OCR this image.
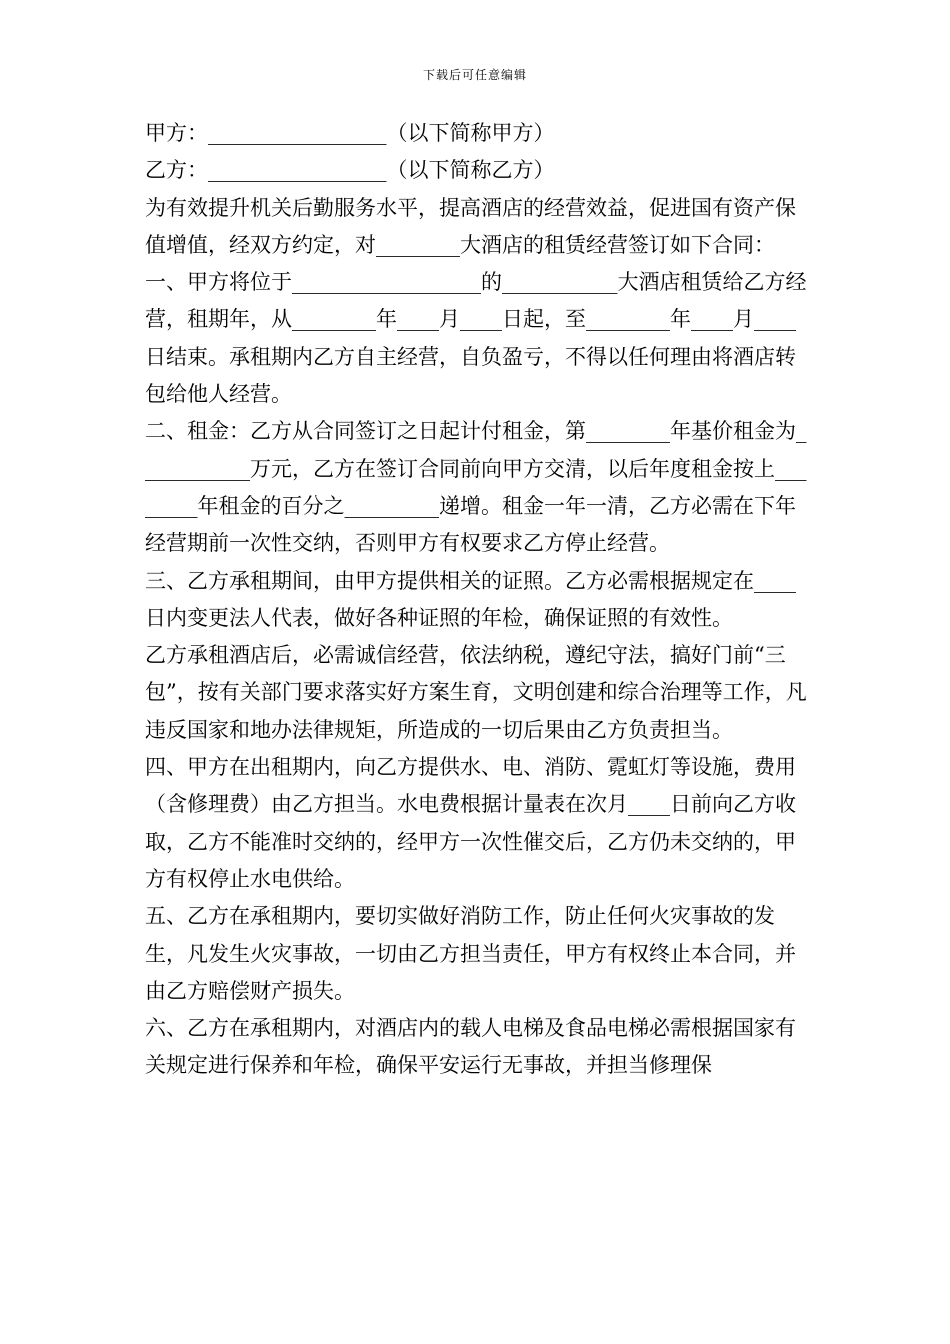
下载后可任意编辑

甲方：_________________（以下简称甲方）

乙方：_________________（以下简称乙方）

为有效提升机关后勤服务水平，提高酒店的经营效益，促进国有资产保值增值，经双方约定，对________大酒店的租赁经营签订如下合同：

一、甲方将位于__________________的___________大酒店租赁给乙方经营，租期年，从________年____月____日起，至________年____月____日结束。承租期内乙方自主经营，自负盈亏，不得以任何理由将酒店转包给他人经营。

二、租金：乙方从合同签订之日起计付租金，第________年基价租金为___________万元，乙方在签订合同前向甲方交清，以后年度租金按上________年租金的百分之_________递增。租金一年一清，乙方必需在下年经营期前一次性交纳，否则甲方有权要求乙方停止经营。

三、乙方承租期间，由甲方提供相关的证照。乙方必需根据规定在____日内变更法人代表，做好各种证照的年检，确保证照的有效性。

乙方承租酒店后，必需诚信经营，依法纳税，遵纪守法，搞好门前“三包”，按有关部门要求落实好方案生育，文明创建和综合治理等工作，凡违反国家和地办法律规矩，所造成的一切后果由乙方负责担当。

四、甲方在出租期内，向乙方提供水、电、消防、霓虹灯等设施，费用（含修理费）由乙方担当。水电费根据计量表在次月____日前向乙方收取，乙方不能准时交纳的，经甲方一次性催交后，乙方仍未交纳的，甲方有权停止水电供给。

五、乙方在承租期内，要切实做好消防工作，防止任何火灾事故的发生，凡发生火灾事故，一切由乙方担当责任，甲方有权终止本合同，并由乙方赔偿财产损失。

六、乙方在承租期内，对酒店内的载人电梯及食品电梯必需根据国家有关规定进行保养和年检，确保平安运行无事故，并担当修理保
